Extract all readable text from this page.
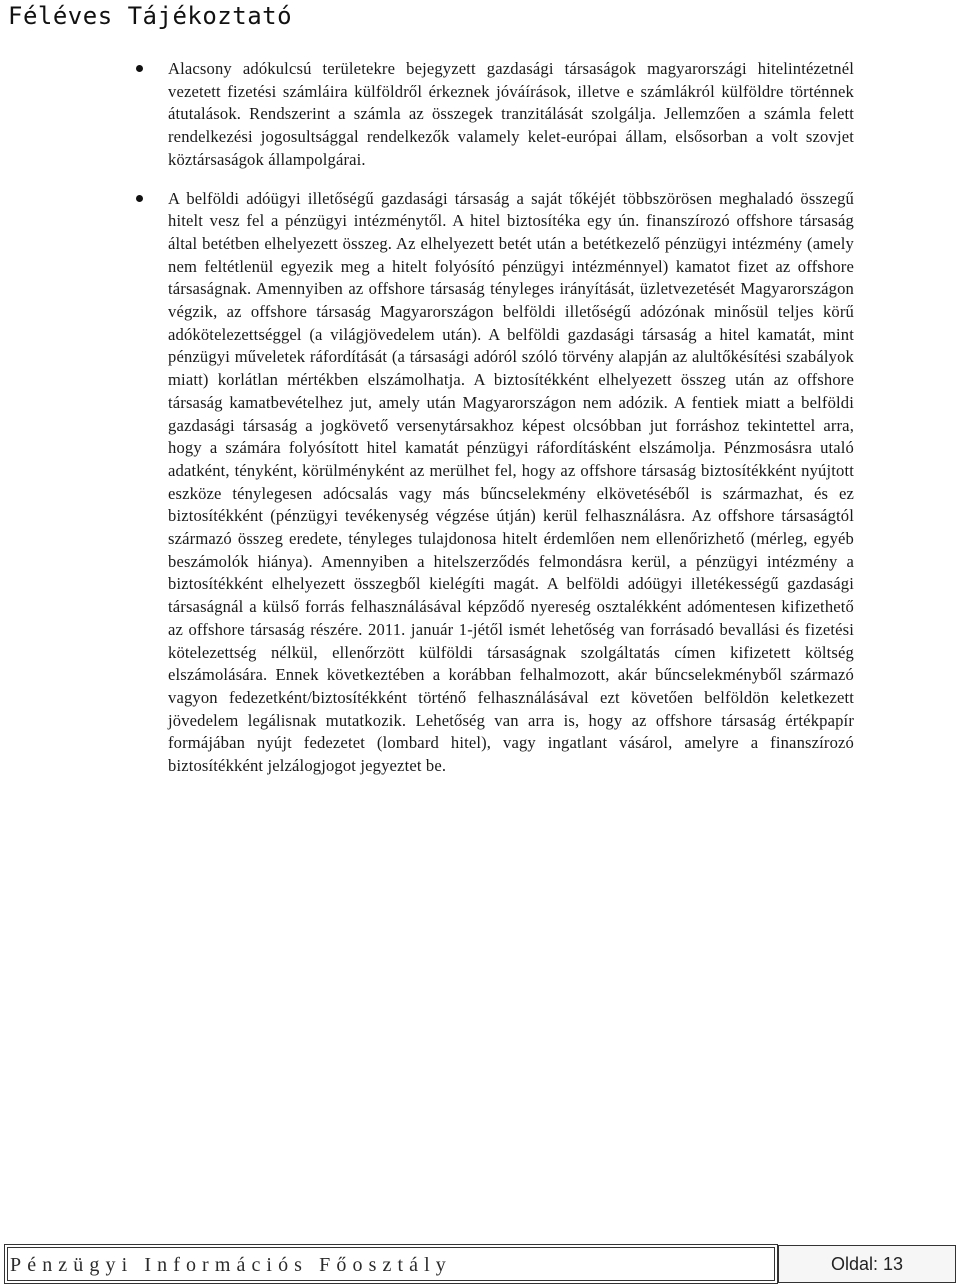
Féléves Tájékoztató
Alacsony adókulcsú területekre bejegyzett gazdasági társaságok magyarországi hitelintézetnél vezetett fizetési számláira külföldről érkeznek jóváírások, illetve e számlákról külföldre történnek átutalások. Rendszerint a számla az összegek tranzitálását szolgálja. Jellemzően a számla felett rendelkezési jogosultsággal rendelkezők valamely kelet-európai állam, elsősorban a volt szovjet köztársaságok állampolgárai.
A belföldi adóügyi illetőségű gazdasági társaság a saját tőkéjét többszörösen meghaladó összegű hitelt vesz fel a pénzügyi intézménytől. A hitel biztosítéka egy ún. finanszírozó offshore társaság által betétben elhelyezett összeg. Az elhelyezett betét után a betétkezelő pénzügyi intézmény (amely nem feltétlenül egyezik meg a hitelt folyósító pénzügyi intézménnyel) kamatot fizet az offshore társaságnak. Amennyiben az offshore társaság tényleges irányítását, üzletvezetését Magyarországon végzik, az offshore társaság Magyarországon belföldi illetőségű adózónak minősül teljes körű adókötelezettséggel (a világjövedelem után). A belföldi gazdasági társaság a hitel kamatát, mint pénzügyi műveletek ráfordítását (a társasági adóról szóló törvény alapján az alultőkésítési szabályok miatt) korlátlan mértékben elszámolhatja. A biztosítékként elhelyezett összeg után az offshore társaság kamatbevételhez jut, amely után Magyarországon nem adózik. A fentiek miatt a belföldi gazdasági társaság a jogkövető versenytársakhoz képest olcsóbban jut forráshoz tekintettel arra, hogy a számára folyósított hitel kamatát pénzügyi ráfordításként elszámolja. Pénzmosásra utaló adatként, tényként, körülményként az merülhet fel, hogy az offshore társaság biztosítékként nyújtott eszköze ténylegesen adócsalás vagy más bűncselekmény elkövetéséből is származhat, és ez biztosítékként (pénzügyi tevékenység végzése útján) kerül felhasználásra. Az offshore társaságtól származó összeg eredete, tényleges tulajdonosa hitelt érdemlően nem ellenőrizhető (mérleg, egyéb beszámolók hiánya). Amennyiben a hitelszerződés felmondásra kerül, a pénzügyi intézmény a biztosítékként elhelyezett összegből kielégíti magát. A belföldi adóügyi illetékességű gazdasági társaságnál a külső forrás felhasználásával képződő nyereség osztalékként adómentesen kifizethető az offshore társaság részére. 2011. január 1-jétől ismét lehetőség van forrásadó bevallási és fizetési kötelezettség nélkül, ellenőrzött külföldi társaságnak szolgáltatás címen kifizetett költség elszámolására. Ennek következtében a korábban felhalmozott, akár bűncselekményből származó vagyon fedezetként/biztosítékként történő felhasználásával ezt követően belföldön keletkezett jövedelem legálisnak mutatkozik. Lehetőség van arra is, hogy az offshore társaság értékpapír formájában nyújt fedezetet (lombard hitel), vagy ingatlant vásárol, amelyre a finanszírozó biztosítékként jelzálogjogot jegyeztet be.
Pénzügyi Információs Főosztály	Oldal: 13
